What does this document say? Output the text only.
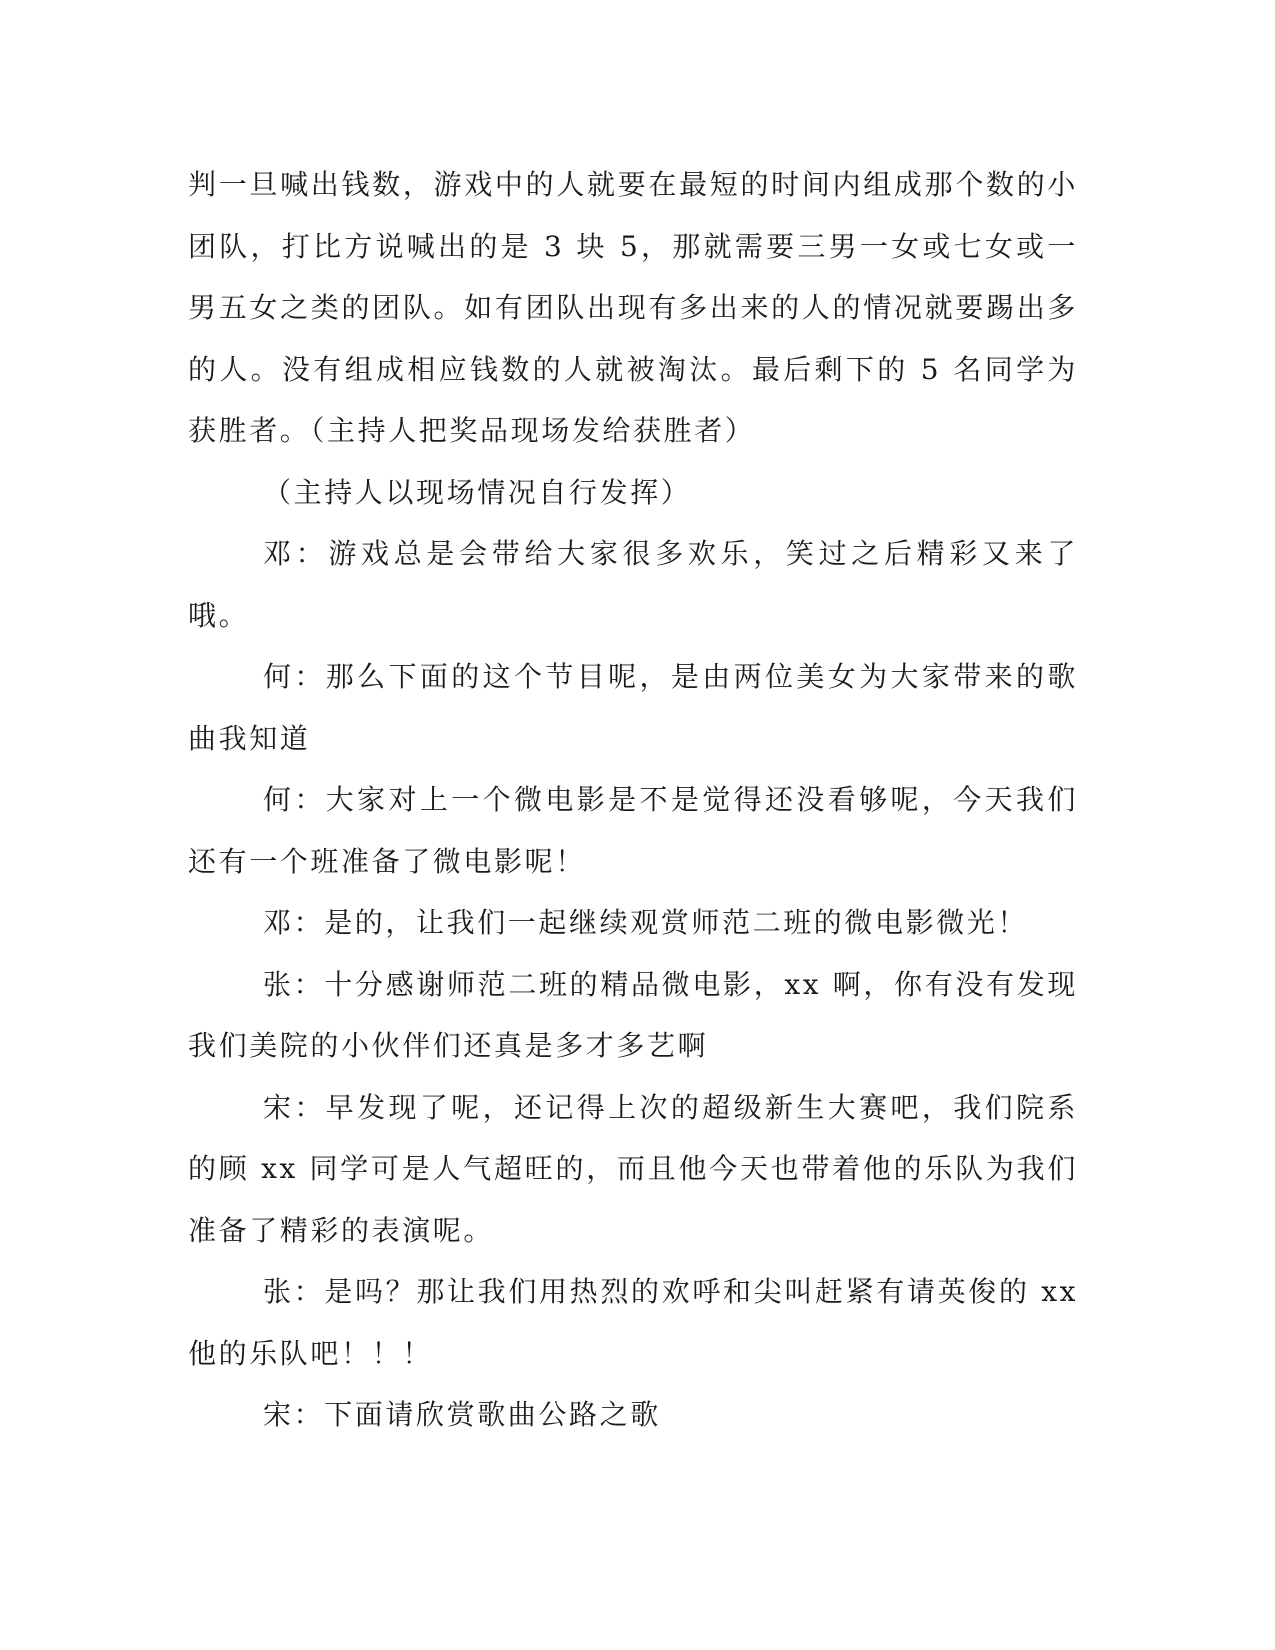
判一旦喊出钱数，游戏中的人就要在最短的时间内组成那个数的小团队，打比方说喊出的是 3 块 5，那就需要三男一女或七女或一男五女之类的团队。如有团队出现有多出来的人的情况就要踢出多的人。没有组成相应钱数的人就被淘汰。最后剩下的 5 名同学为获胜者。（主持人把奖品现场发给获胜者）

（主持人以现场情况自行发挥）

邓：游戏总是会带给大家很多欢乐，笑过之后精彩又来了哦。

何：那么下面的这个节目呢，是由两位美女为大家带来的歌曲我知道

何：大家对上一个微电影是不是觉得还没看够呢，今天我们还有一个班准备了微电影呢！

邓：是的，让我们一起继续观赏师范二班的微电影微光！

张：十分感谢师范二班的精品微电影，xx 啊，你有没有发现我们美院的小伙伴们还真是多才多艺啊

宋：早发现了呢，还记得上次的超级新生大赛吧，我们院系的顾 xx 同学可是人气超旺的，而且他今天也带着他的乐队为我们准备了精彩的表演呢。

张：是吗？那让我们用热烈的欢呼和尖叫赶紧有请英俊的 xx 他的乐队吧！！！

宋：下面请欣赏歌曲公路之歌
